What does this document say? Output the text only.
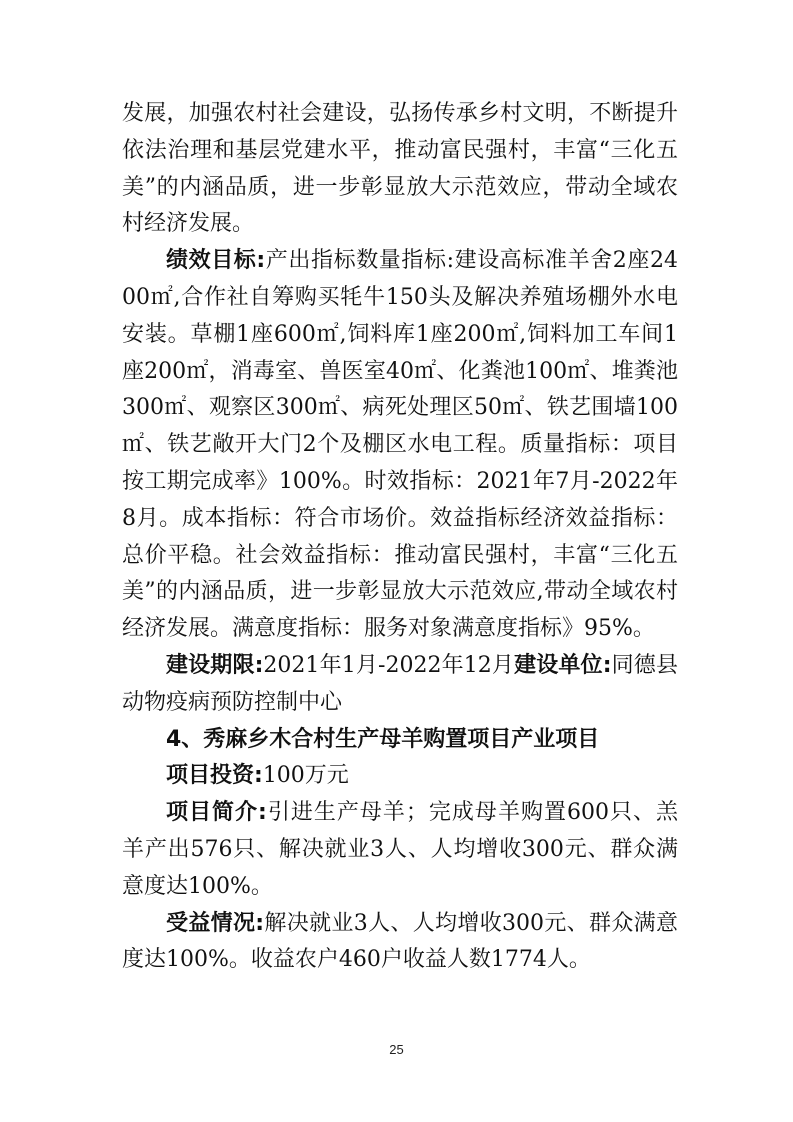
发展，加强农村社会建设，弘扬传承乡村文明，不断提升依法治理和基层党建水平，推动富民强村，丰富“三化五美”的内涵品质，进一步彰显放大示范效应，带动全域农村经济发展。

绩效目标:产出指标数量指标:建设高标准羊舍2座2400㎡,合作社自筹购买牦牛150头及解决养殖场棚外水电安装。草棚1座600㎡,饲料库1座200㎡,饲料加工车间1座200㎡，消毒室、兽医室40㎡、化粪池100㎡、堆粪池300㎡、观察区300㎡、病死处理区50㎡、铁艺围墙100㎡、铁艺敞开大门2个及棚区水电工程。质量指标：项目按工期完成率》100%。时效指标：2021年7月-2022年8月。成本指标：符合市场价。效益指标经济效益指标：总价平稳。社会效益指标：推动富民强村，丰富“三化五美”的内涵品质，进一步彰显放大示范效应,带动全域农村经济发展。满意度指标：服务对象满意度指标》95%。

建设期限:2021年1月-2022年12月建设单位:同德县动物疫病预防控制中心

4、秀麻乡木合村生产母羊购置项目产业项目

项目投资:100万元

项目简介:引进生产母羊；完成母羊购置600只、羔羊产出576只、解决就业3人、人均增收300元、群众满意度达100%。

受益情况:解决就业3人、人均增收300元、群众满意度达100%。收益农户460户收益人数1774人。

25
